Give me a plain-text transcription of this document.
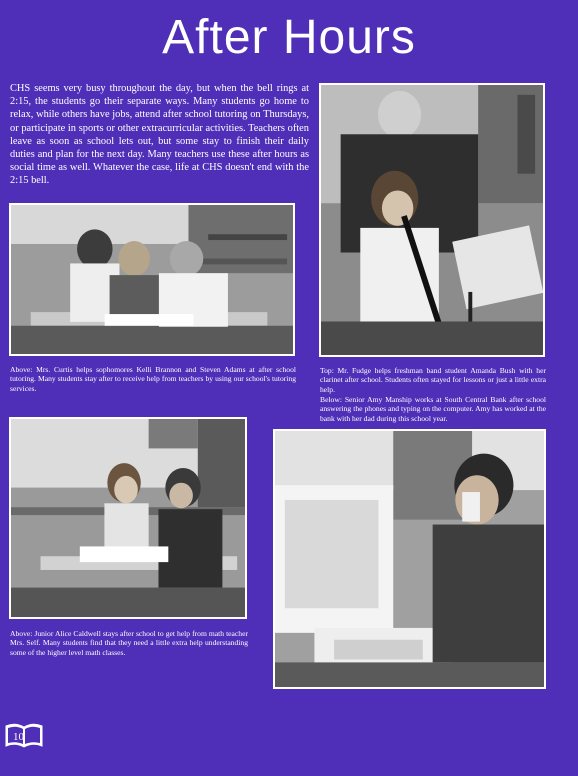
After Hours
CHS seems very busy throughout the day, but when the bell rings at 2:15, the students go their separate ways. Many students go home to relax, while others have jobs, attend after school tutoring on Thursdays, or participate in sports or other extracurricular activities. Teachers often leave as soon as school lets out, but some stay to finish their daily duties and plan for the next day. Many teachers use these after hours as social time as well. Whatever the case, life at CHS doesn't end with the 2:15 bell.
Above: Mrs. Curtis helps sophomores Kelli Brannon and Steven Adams at after school tutoring. Many students stay after to receive help from teachers by using our school's tutoring services.
Top: Mr. Fudge helps freshman band student Amanda Bush with her clarinet after school. Students often stayed for lessons or just a little extra help.
Below: Senior Amy Manship works at South Central Bank after school answering the phones and typing on the computer. Amy has worked at the bank with her dad during this school year.
Above: Junior Alice Caldwell stays after school to get help from math teacher Mrs. Self. Many students find that they need a little extra help understanding some of the higher level math classes.
10
